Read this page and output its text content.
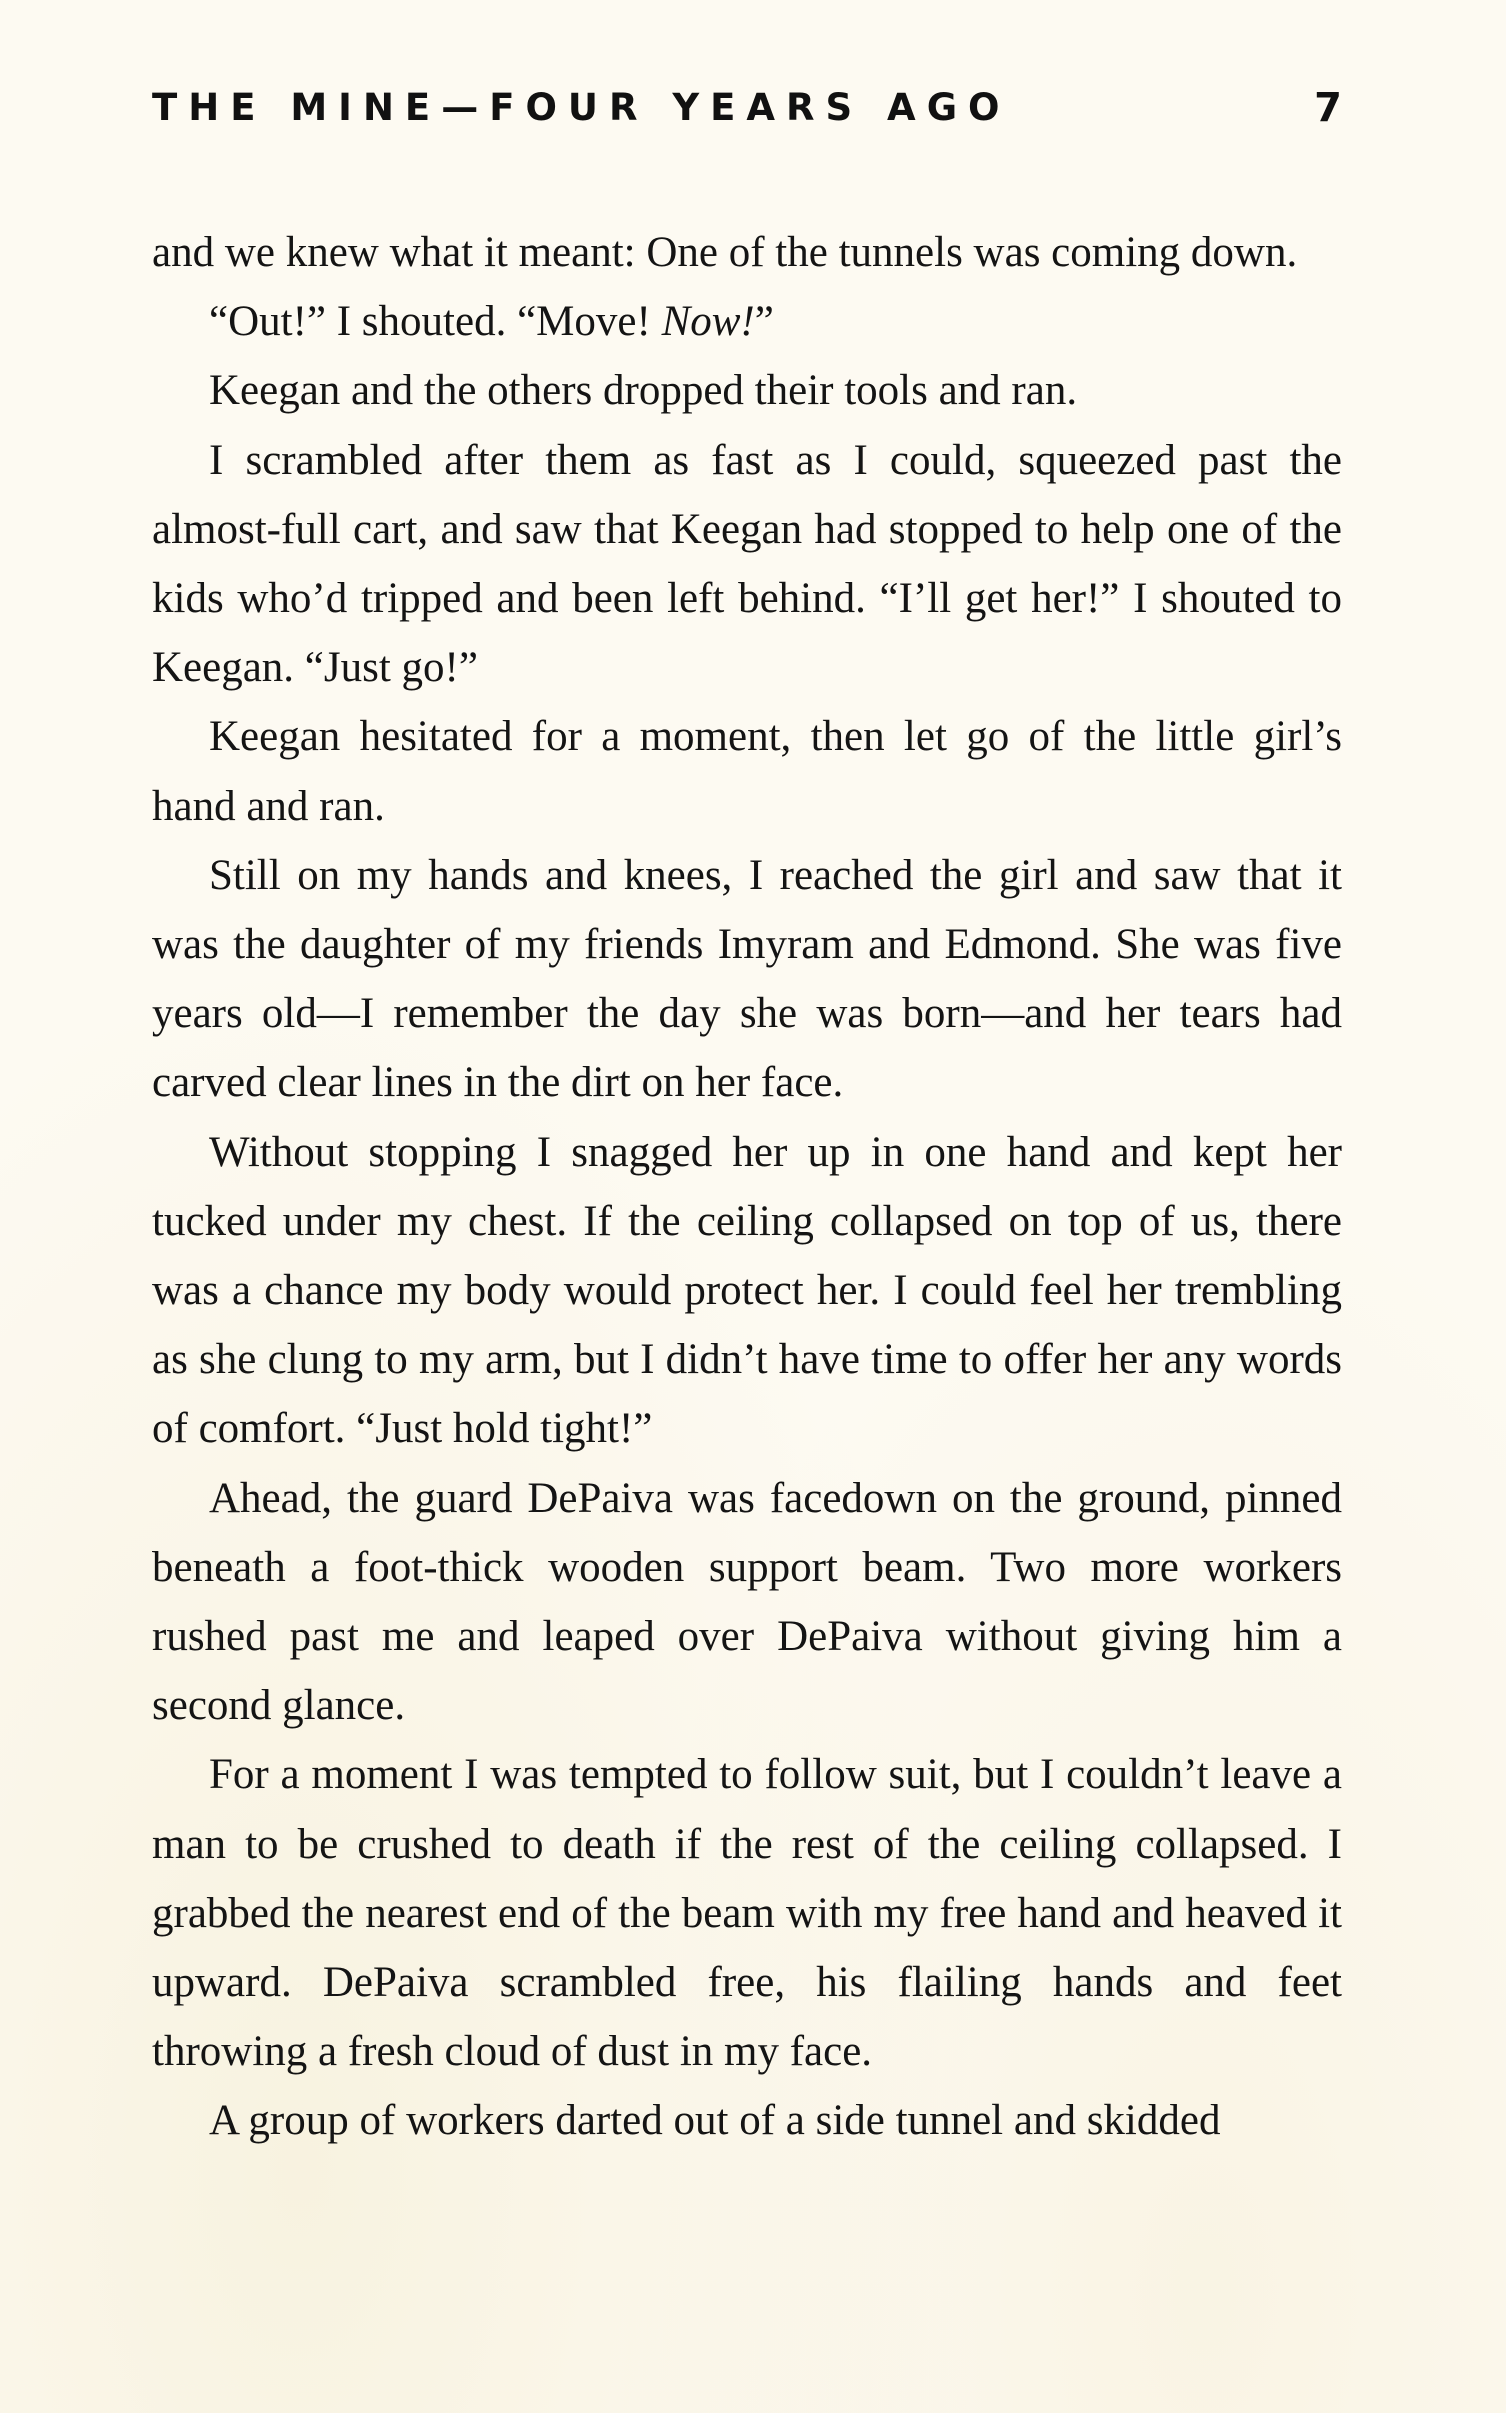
THE MINE—FOUR YEARS AGO	7

and we knew what it meant: One of the tunnels was coming down.

“Out!” I shouted. “Move! Now!”

Keegan and the others dropped their tools and ran.

I scrambled after them as fast as I could, squeezed past the almost-full cart, and saw that Keegan had stopped to help one of the kids who’d tripped and been left behind. “I’ll get her!” I shouted to Keegan. “Just go!”

Keegan hesitated for a moment, then let go of the little girl’s hand and ran.

Still on my hands and knees, I reached the girl and saw that it was the daughter of my friends Imyram and Edmond. She was five years old—I remember the day she was born—and her tears had carved clear lines in the dirt on her face.

Without stopping I snagged her up in one hand and kept her tucked under my chest. If the ceiling collapsed on top of us, there was a chance my body would protect her. I could feel her trembling as she clung to my arm, but I didn’t have time to offer her any words of comfort. “Just hold tight!”

Ahead, the guard DePaiva was facedown on the ground, pinned beneath a foot-thick wooden support beam. Two more workers rushed past me and leaped over DePaiva without giving him a second glance.

For a moment I was tempted to follow suit, but I couldn’t leave a man to be crushed to death if the rest of the ceiling collapsed. I grabbed the nearest end of the beam with my free hand and heaved it upward. DePaiva scrambled free, his flailing hands and feet throwing a fresh cloud of dust in my face.

A group of workers darted out of a side tunnel and skidded
